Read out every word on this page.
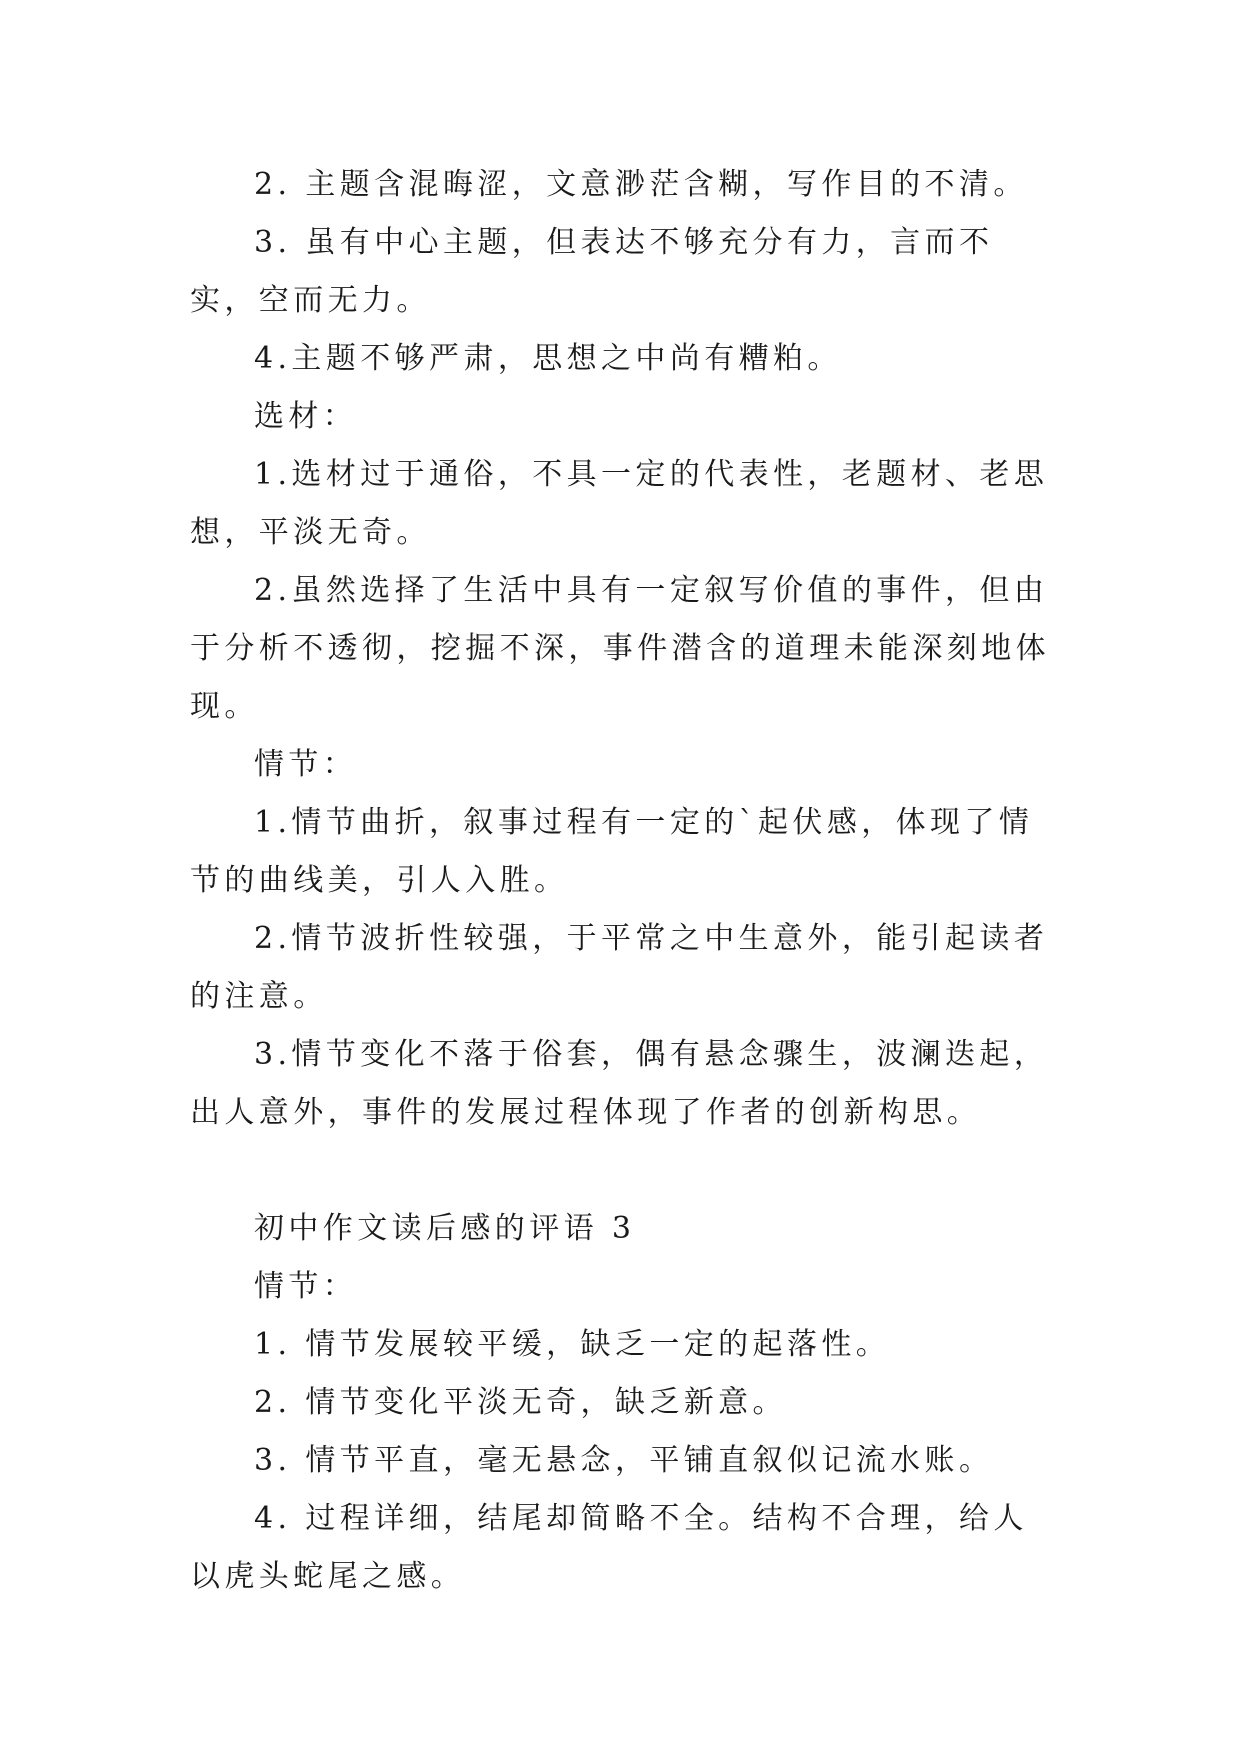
2. 主题含混晦涩，文意渺茫含糊，写作目的不清。

3. 虽有中心主题，但表达不够充分有力，言而不实，空而无力。

4.主题不够严肃，思想之中尚有糟粕。

选材：

1.选材过于通俗，不具一定的代表性，老题材、老思想，平淡无奇。

2.虽然选择了生活中具有一定叙写价值的事件，但由于分析不透彻，挖掘不深，事件潜含的道理未能深刻地体现。

情节：

1.情节曲折，叙事过程有一定的`起伏感，体现了情节的曲线美，引人入胜。

2.情节波折性较强，于平常之中生意外，能引起读者的注意。

3.情节变化不落于俗套，偶有悬念骤生，波澜迭起，出人意外，事件的发展过程体现了作者的创新构思。

初中作文读后感的评语 3

情节：

1. 情节发展较平缓，缺乏一定的起落性。

2. 情节变化平淡无奇，缺乏新意。

3. 情节平直，毫无悬念，平铺直叙似记流水账。

4. 过程详细，结尾却简略不全。结构不合理，给人以虎头蛇尾之感。
